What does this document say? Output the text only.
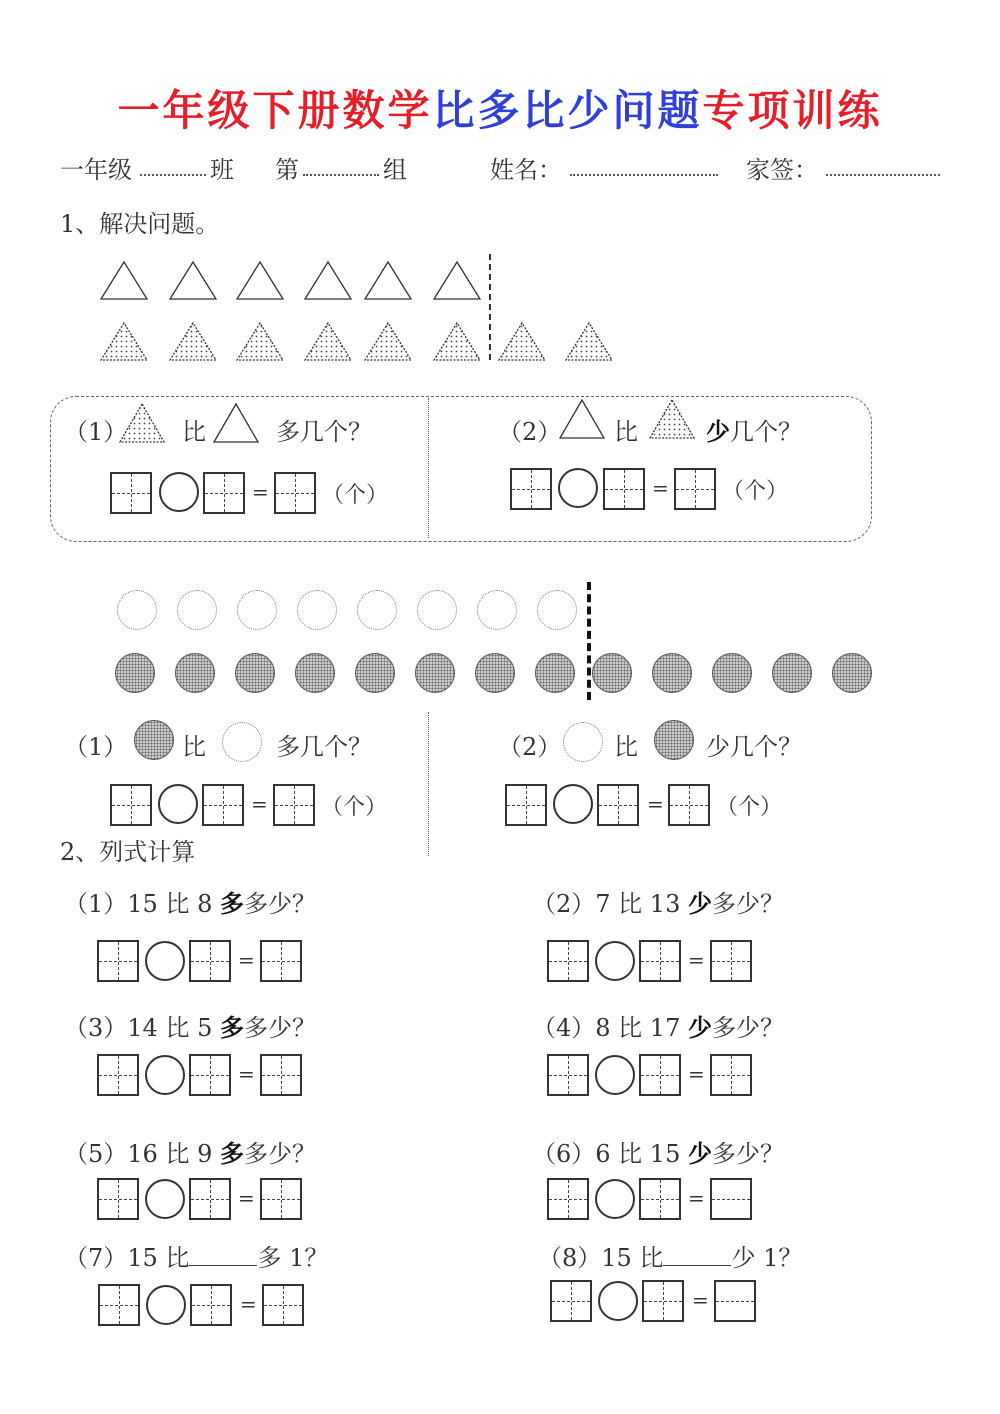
一年级下册数学比多比少问题专项训练
一年级	班 第	组	姓名：	家签：
1、解决问题。
（1） 比	多几个？
= （个）
（2） 比	少几个？
= （个）
（1） 比	多几个？
= （个）
（2） 比	少几个？
= （个）
2、列式计算
（1）15 比 8 多多少？
=
（2）7 比 13 少多少？
=
（3）14 比 5 多多少？
=
（4）8 比 17 少多少？
=
（5）16 比 9 多多少？
=
（6）6 比 15 少多少？
=
（7）15 比	多 1？
=
（8）15 比	少 1？
=
